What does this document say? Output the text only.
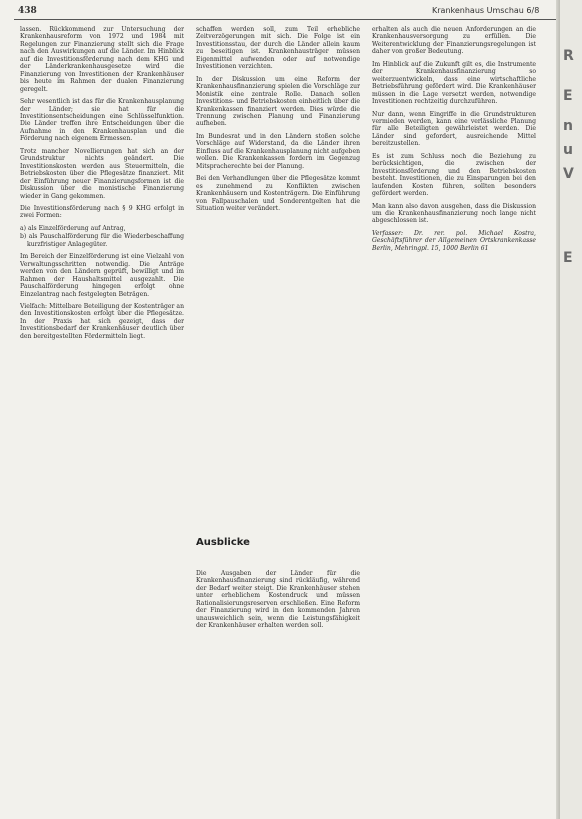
438	Krankenhaus Umschau 6/8

lassen. Rückkommend zur Untersuchung der Krankenhausreform von 1972 und 1984 mit Regelungen zur Finanzierung stellt sich die Frage nach den Auswirkungen auf die Länder. Im Hinblick auf die Investitionsförderung nach dem KHG und der Länderkrankenhausgesetze wird die Finanzierung von Investitionen der Krankenhäuser bis heute im Rahmen der dualen Finanzierung geregelt.

Sehr wesentlich ist das für die Krankenhausplanung der Länder; sie hat für die Investitionsentscheidungen eine Schlüsselfunktion. Die Länder treffen ihre Entscheidungen über die Aufnahme in den Krankenhausplan und die Förderung nach eigenem Ermessen.

Trotz mancher Novellierungen hat sich an der Grundstruktur nichts geändert. Die Investitionskosten werden aus Steuermitteln, die Betriebskosten über die Pflegesätze finanziert. Mit der Einführung neuer Finanzierungsformen ist die Diskussion über die monistische Finanzierung wieder in Gang gekommen.

Die Investitionsförderung nach § 9 KHG erfolgt in zwei Formen:

a) als Einzelförderung auf Antrag,
b) als Pauschalförderung für die Wiederbeschaffung kurzfristiger Anlagegüter.

Im Bereich der Einzelförderung ist eine Vielzahl von Verwaltungsschritten notwendig. Die Anträge werden von den Ländern geprüft, bewilligt und im Rahmen der Haushaltsmittel ausgezahlt. Die Pauschalförderung hingegen erfolgt ohne Einzelantrag nach festgelegten Beträgen.

Vielfach: Mittelbare Beteiligung der Kostenträger an den Investitionskosten erfolgt über die Pflegesätze. In der Praxis hat sich gezeigt, dass der Investitionsbedarf der Krankenhäuser deutlich über den bereitgestellten Fördermitteln liegt.

schaffen werden soll, zum Teil erhebliche Zeitverzögerungen mit sich. Die Folge ist ein Investitionsstau, der durch die Länder allein kaum zu beseitigen ist. Krankenhausträger müssen Eigenmittel aufwenden oder auf notwendige Investitionen verzichten.

In der Diskussion um eine Reform der Krankenhausfinanzierung spielen die Vorschläge zur Monistik eine zentrale Rolle. Danach sollen Investitions- und Betriebskosten einheitlich über die Krankenkassen finanziert werden. Dies würde die Trennung zwischen Planung und Finanzierung aufheben.

Im Bundesrat und in den Ländern stoßen solche Vorschläge auf Widerstand, da die Länder ihren Einfluss auf die Krankenhausplanung nicht aufgeben wollen. Die Krankenkassen fordern im Gegenzug Mitspracherechte bei der Planung.

Bei den Verhandlungen über die Pflegesätze kommt es zunehmend zu Konflikten zwischen Krankenhäusern und Kostenträgern. Die Einführung von Fallpauschalen und Sonderentgelten hat die Situation weiter verändert.

Ausblicke

Die Ausgaben der Länder für die Krankenhausfinanzierung sind rückläufig, während der Bedarf weiter steigt. Die Krankenhäuser stehen unter erheblichem Kostendruck und müssen Rationalisierungsreserven erschließen. Eine Reform der Finanzierung wird in den kommenden Jahren unausweichlich sein, wenn die Leistungsfähigkeit der Krankenhäuser erhalten werden soll.

erhalten als auch die neuen Anforderungen an die Krankenhausversorgung zu erfüllen. Die Weiterentwicklung der Finanzierungsregelungen ist daher von großer Bedeutung.

Im Hinblick auf die Zukunft gilt es, die Instrumente der Krankenhausfinanzierung so weiterzuentwickeln, dass eine wirtschaftliche Betriebsführung gefördert wird. Die Krankenhäuser müssen in die Lage versetzt werden, notwendige Investitionen rechtzeitig durchzuführen.

Nur dann, wenn Eingriffe in die Grundstrukturen vermieden werden, kann eine verlässliche Planung für alle Beteiligten gewährleistet werden. Die Länder sind gefordert, ausreichende Mittel bereitzustellen.

Es ist zum Schluss noch die Beziehung zu berücksichtigen, die zwischen der Investitionsförderung und den Betriebskosten besteht. Investitionen, die zu Einsparungen bei den laufenden Kosten führen, sollten besonders gefördert werden.

Man kann also davon ausgehen, dass die Diskussion um die Krankenhausfinanzierung noch lange nicht abgeschlossen ist.

Verfasser: Dr. rer. pol. Michael Kostra, Geschäftsführer der Allgemeinen Ortskrankenkasse Berlin, Mehringpl. 15, 1000 Berlin 61

R
E
n
u
V
E
